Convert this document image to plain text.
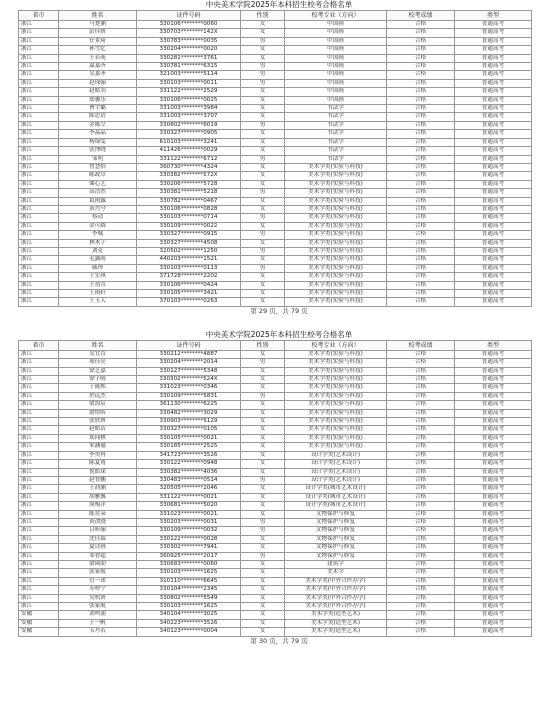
中央美术学院2025年本科招生校考合格名单
省市	姓名	证件号码	性别	校考专业（方向）	校考成绩	类型
浙江	马楚涵	330106********0060	女	中国画	合格	普通高考
浙江	彭佳妍	330703********142X	女	中国画	合格	普通高考
浙江	任景琦	330783********0035	男	中国画	合格	普通高考
浙江	孙雪忆	330204********0020	女	中国画	合格	普通高考
浙江	王若萌	330281********3761	女	中国画	合格	普通高考
浙江	温嘉齐	330781********6315	男	中国画	合格	普通高考
浙江	吴嘉圣	321003********5114	男	中国画	合格	普通高考
浙江	赵琛翰	330103********0011	男	中国画	合格	普通高考
浙江	赵皓羽	331122********2529	女	中国画	合格	普通高考
浙江	郑馨乐	330106********0025	女	中国画	合格	普通高考
浙江	曹宇璐	331003********3984	女	书法学	合格	普通高考
浙江	陈思语	331003********3707	女	书法学	合格	普通高考
浙江	金陈呈	330602********6019	男	书法学	合格	普通高考
浙江	李晶晶	330327********0905	女	书法学	合格	普通高考
浙江	杨锦雯	610103********3241	女	书法学	合格	普通高考
浙江	张博晓	411426********0029	女	书法学	合格	普通高考
浙江	邹明	331122********6712	男	书法学	合格	普通高考
浙江	曾慧怡	360730********4324	女	美术学类(实验与科技)	合格	普通高考
浙江	陈政卓	330382********572X	女	美术学类(实验与科技)	合格	普通高考
浙江	储心艺	330206********5728	女	美术学类(实验与科技)	合格	普通高考
浙江	高浩然	330381********5218	男	美术学类(实验与科技)	合格	普通高考
浙江	葛雨露	330782********0467	女	美术学类(实验与科技)	合格	普通高考
浙江	黄肖兮	330106********0828	女	美术学类(实验与科技)	合格	普通高考
浙江	蔡动	330103********0714	男	美术学类(实验与科技)	合格	普通高考
浙江	金可圆	330109********0022	女	美术学类(实验与科技)	合格	普通高考
浙江	李城	330327********0915	男	美术学类(实验与科技)	合格	普通高考
浙江	林木子	330327********4508	女	美术学类(实验与科技)	合格	普通高考
浙江	刘克	320502********1250	男	美术学类(实验与科技)	合格	普通高考
浙江	毛露雨	440203********1521	女	美术学类(实验与科技)	合格	普通高考
浙江	戚珍	330103********0113	男	美术学类(实验与科技)	合格	普通高考
浙江	王室琪	371728********2202	女	美术学类(实验与科技)	合格	普通高考
浙江	王靖萱	330106********0424	女	美术学类(实验与科技)	合格	普通高考
浙江	王雨轩	330105********3421	女	美术学类(实验与科技)	合格	普通高考
浙江	王玉人	370103********0263	女	美术学类(实验与科技)	合格	普通高考
第 29 页，共 79 页
中央美术学院2025年本科招生校考合格名单
省市	姓名	证件号码	性别	校考专业（方向）	校考成绩	类型
浙江	吴宜萱	330212********4887	女	美术学类(实验与科技)	合格	普通高考
浙江	项佳亮	330204********2014	男	美术学类(实验与科技)	合格	普通高考
浙江	徐艺嘉	330127********5348	女	美术学类(实验与科技)	合格	普通高考
浙江	徐子晴	330302********524X	女	美术学类(实验与科技)	合格	普通高考
浙江	于陈熙	331023********0346	女	美术学类(实验与科技)	合格	普通高考
浙江	於远杰	330109********5831	男	美术学类(实验与科技)	合格	普通高考
浙江	俞海宸	361130********6225	女	美术学类(实验与科技)	合格	普通高考
浙江	俞煜昕	330482********3029	女	美术学类(实验与科技)	合格	普通高考
浙江	张欣妍	330903********5129	女	美术学类(实验与科技)	合格	普通高考
浙江	赵皓洁	330327********0105	女	美术学类(实验与科技)	合格	普通高考
浙江	郑闯棋	330105********0021	女	美术学类(实验与科技)	合格	普通高考
浙江	朱涵瑜	330185********2525	女	美术学类(实验与科技)	合格	普通高考
浙江	李贵冉	341723********3526	女	设计学类(艺术设计)	合格	普通高考
浙江	陈夏甫	330122********0948	女	设计学类(艺术设计)	合格	普通高考
浙江	倪皓琛	330382********4036	女	设计学类(艺术设计)	合格	普通高考
浙江	赵智鹏	330483********0514	男	设计学类(艺术设计)	合格	普通高考
浙江	王润涵	320505********2046	女	设计学类(城市艺术设计)	合格	普通高考
浙江	胡雅馨	331122********0021	女	设计学类(城市艺术设计)	合格	普通高考
浙江	周梅洋	330681********5020	女	设计学类(城市艺术设计)	合格	普通高考
浙江	陈奕朵	331023********0021	女	文物保护与修复	合格	普通高考
浙江	黄俞骁	330203********0031	男	文物保护与修复	合格	普通高考
浙江	吕昕翰	330109********0032	男	文物保护与修复	合格	普通高考
浙江	沈佳霖	330122********0028	女	文物保护与修复	合格	普通高考
浙江	夏诗画	330302********7941	女	文物保护与修复	合格	普通高考
浙江	邹智超	360925********2017	男	文物保护与修复	合格	普通高考
浙江	俞函劭	330683********0060	女	建筑学	合格	普通高考
浙江	张家航	330103********1625	女	美术学	合格	普通高考
浙江	管一诺	310110********6645	女	美术学类(中外合作办学)	合格	普通高考
浙江	寿梓宁	330104********2345	女	美术学类(中外合作办学)	合格	普通高考
浙江	吴杭妍	330802********5549	女	美术学类(中外合作办学)	合格	普通高考
浙江	张家航	330103********1625	女	美术学类(中外合作办学)	合格	普通高考
安徽	刘鸣涌	340104********3025	女	美术学类(造型艺术)	合格	普通高考
安徽	王一帆	340223********3526	女	美术学类(造型艺术)	合格	普通高考
安徽	韦丹若	340123********0004	女	美术学类(造型艺术)	合格	普通高考
第 30 页，共 79 页
